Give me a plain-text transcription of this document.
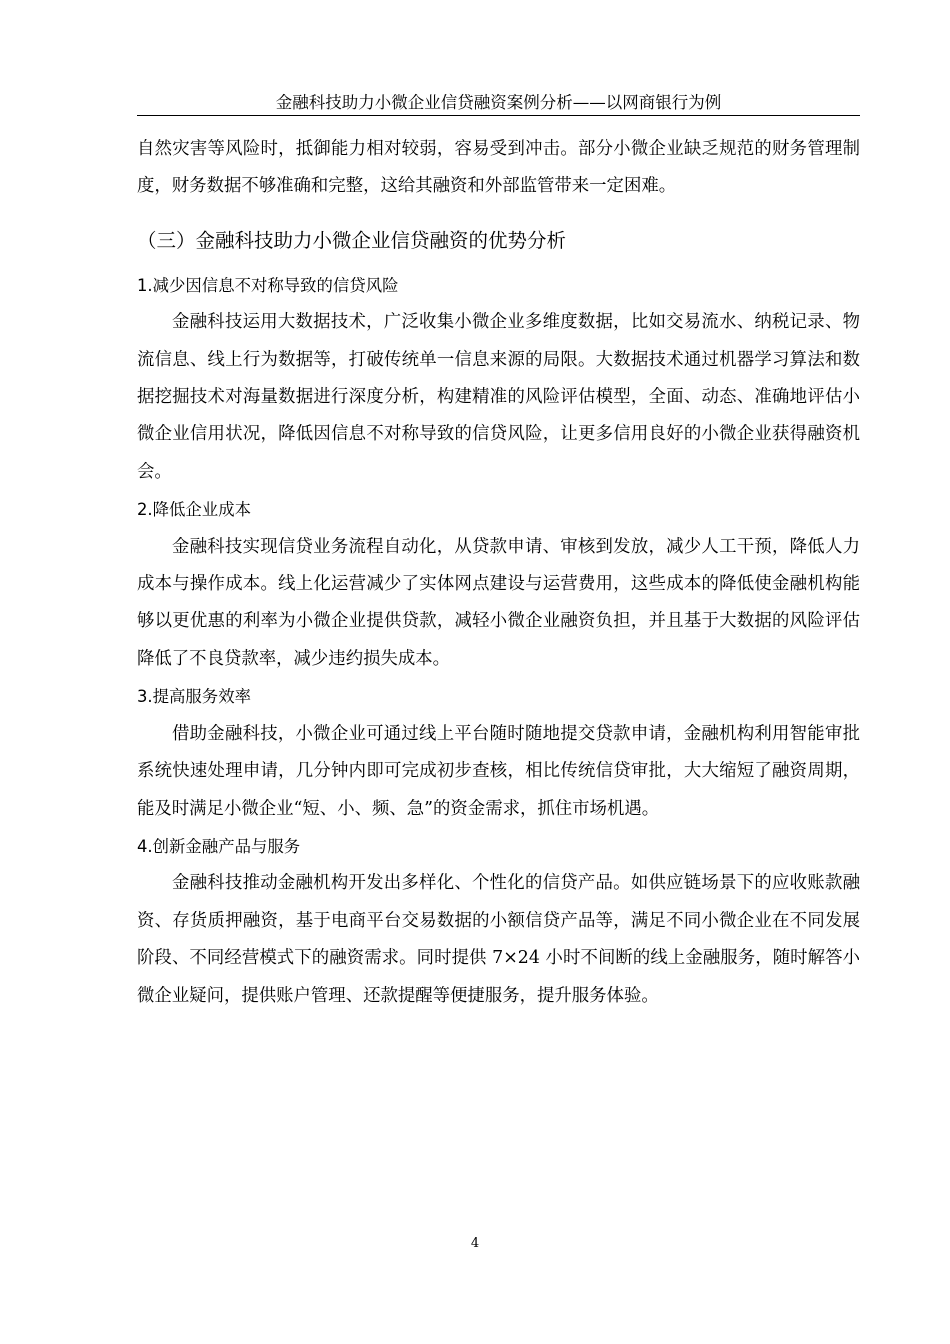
金融科技助力小微企业信贷融资案例分析——以网商银行为例

自然灾害等风险时，抵御能力相对较弱，容易受到冲击。部分小微企业缺乏规范的财务管理制度，财务数据不够准确和完整，这给其融资和外部监管带来一定困难。

（三）金融科技助力小微企业信贷融资的优势分析
1.减少因信息不对称导致的信贷风险

金融科技运用大数据技术，广泛收集小微企业多维度数据，比如交易流水、纳税记录、物流信息、线上行为数据等，打破传统单一信息来源的局限。大数据技术通过机器学习算法和数据挖掘技术对海量数据进行深度分析，构建精准的风险评估模型，全面、动态、准确地评估小微企业信用状况，降低因信息不对称导致的信贷风险，让更多信用良好的小微企业获得融资机会。

2.降低企业成本

金融科技实现信贷业务流程自动化，从贷款申请、审核到发放，减少人工干预，降低人力成本与操作成本。线上化运营减少了实体网点建设与运营费用，这些成本的降低使金融机构能够以更优惠的利率为小微企业提供贷款，减轻小微企业融资负担，并且基于大数据的风险评估降低了不良贷款率，减少违约损失成本。

3.提高服务效率

借助金融科技，小微企业可通过线上平台随时随地提交贷款申请，金融机构利用智能审批系统快速处理申请，几分钟内即可完成初步查核，相比传统信贷审批，大大缩短了融资周期，能及时满足小微企业“短、小、频、急”的资金需求，抓住市场机遇。

4.创新金融产品与服务

金融科技推动金融机构开发出多样化、个性化的信贷产品。如供应链场景下的应收账款融资、存货质押融资，基于电商平台交易数据的小额信贷产品等，满足不同小微企业在不同发展阶段、不同经营模式下的融资需求。同时提供 7×24 小时不间断的线上金融服务，随时解答小微企业疑问，提供账户管理、还款提醒等便捷服务，提升服务体验。

4
